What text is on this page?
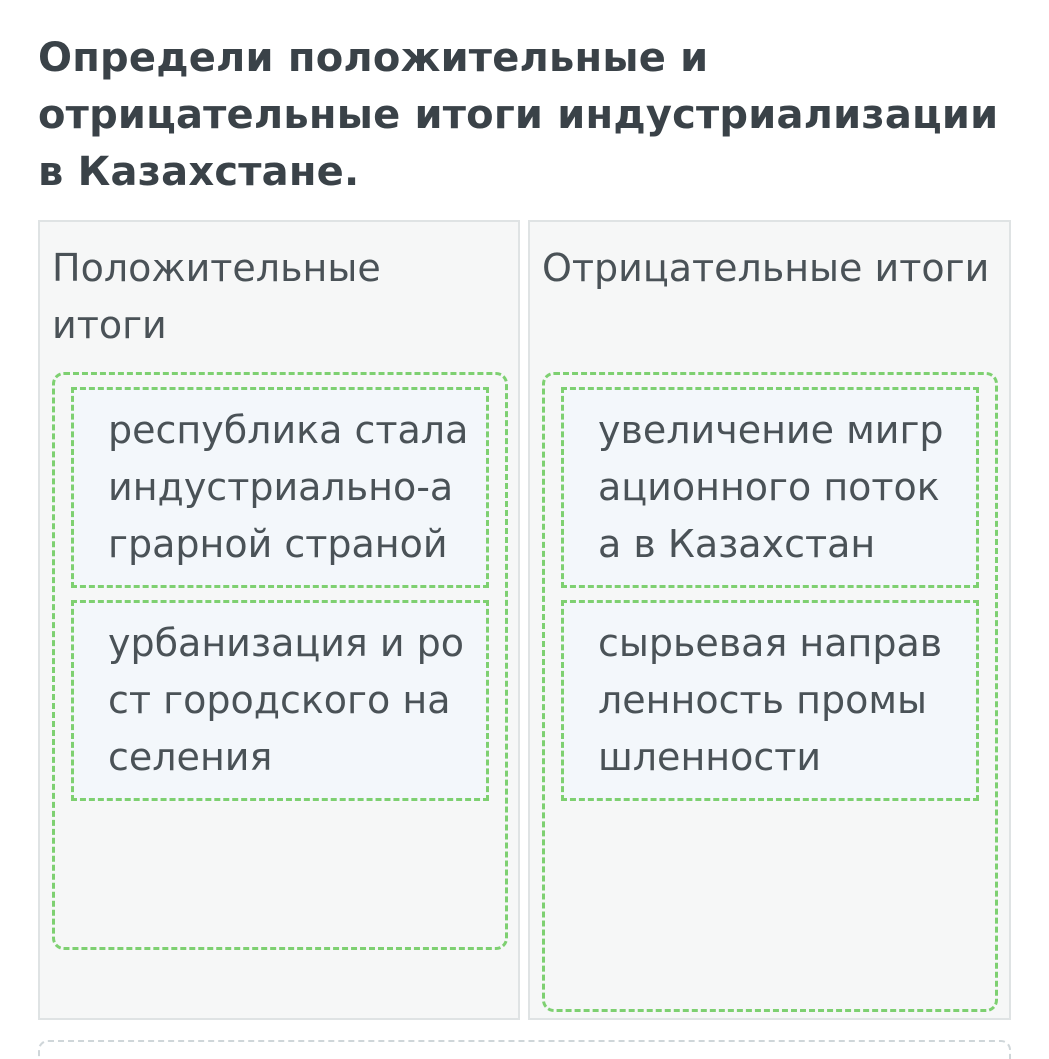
Определи положительные и отрицательные итоги индустриализации в Казахстане.
Положительные итоги
республика стала индустриально-аграрной страной
урбанизация и рост городского населения
Отрицательные итоги
увеличение миграционного потока в Казахстан
сырьевая направленность промышленности
